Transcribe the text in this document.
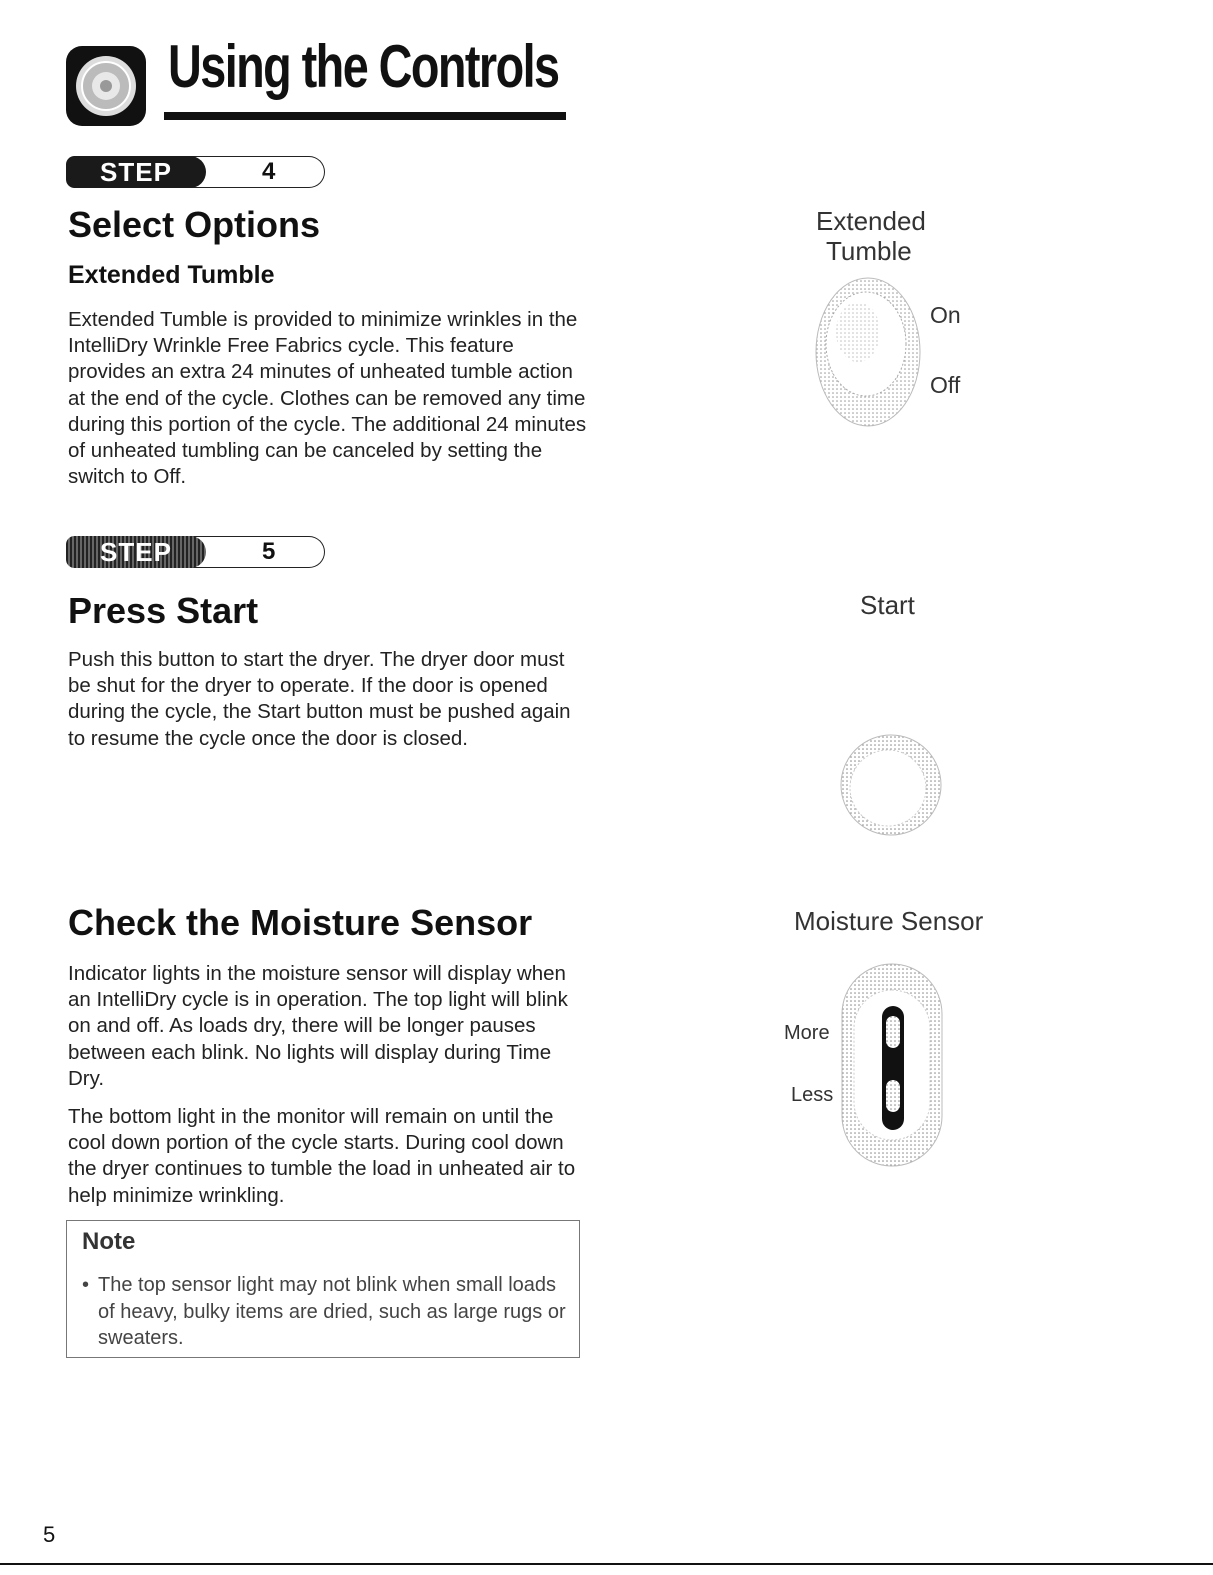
Using the Controls
STEP	4
Select Options
Extended Tumble

Extended Tumble is provided to minimize wrinkles in the IntelliDry Wrinkle Free Fabrics cycle. This feature provides an extra 24 minutes of unheated tumble action at the end of the cycle. Clothes can be removed any time during this portion of the cycle. The additional 24 minutes of unheated tumbling can be canceled by setting the switch to Off.

Extended
Tumble
On
Off
STEP	5
Press Start

Push this button to start the dryer. The dryer door must be shut for the dryer to operate. If the door is opened during the cycle, the Start button must be pushed again to resume the cycle once the door is closed.

Start
Check the Moisture Sensor

Indicator lights in the moisture sensor will display when an IntelliDry cycle is in operation. The top light will blink on and off. As loads dry, there will be longer pauses between each blink. No lights will display during Time Dry.

The bottom light in the monitor will remain on until the cool down portion of the cycle starts. During cool down the dryer continues to tumble the load in unheated air to help minimize wrinkling.

Moisture Sensor
More
Less
Note
• The top sensor light may not blink when small loads of heavy, bulky items are dried, such as large rugs or sweaters.
5
